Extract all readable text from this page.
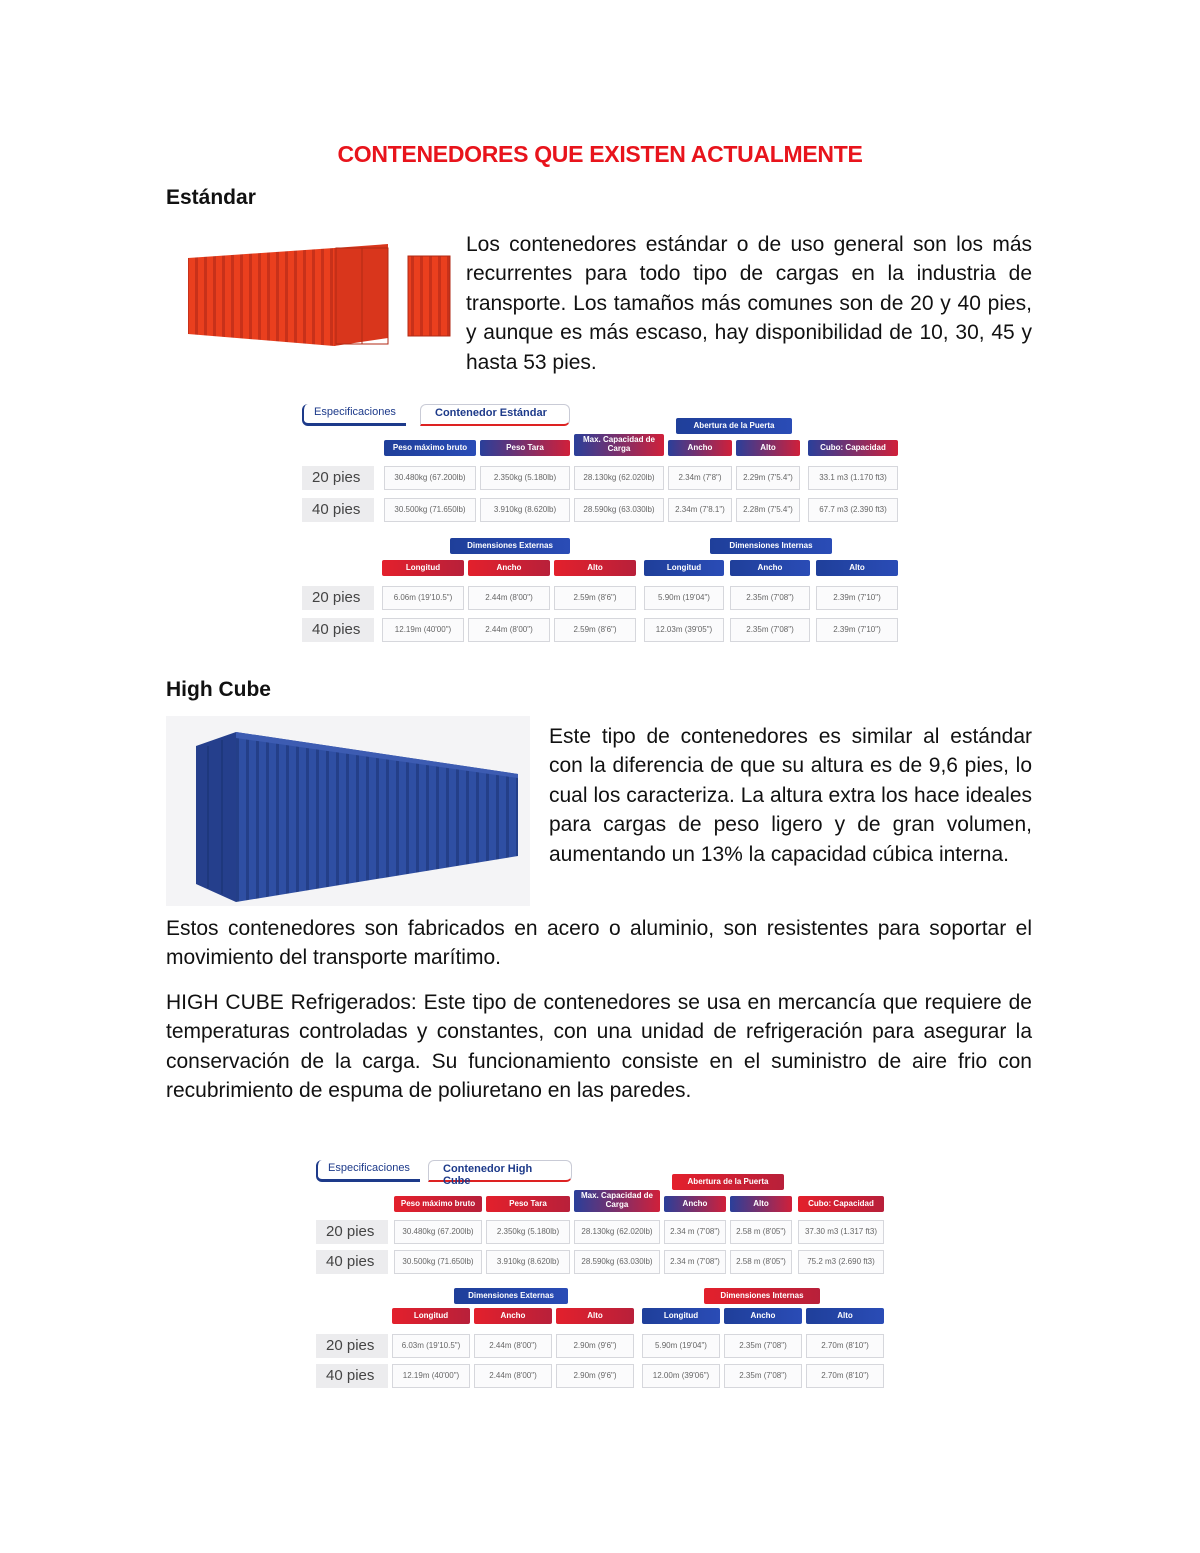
CONTENEDORES QUE EXISTEN ACTUALMENTE
Estándar
Los contenedores estándar o de uso general son los más recurrentes para todo tipo de cargas en la industria de transporte. Los tamaños más comunes son de 20 y 40 pies, y aunque es más escaso, hay disponibilidad de 10, 30, 45 y hasta 53 pies.
Especificaciones	Contenedor Estándar
Abertura de la Puerta
Peso máximo bruto	Peso Tara
Max. Capacidad de Carga	Ancho	Alto	Cubo: Capacidad
20 pies	30.480kg (67.200lb)	2.350kg (5.180lb)	28.130kg (62.020lb)	2.34m (7'8")	2.29m (7'5.4")	33.1 m3 (1.170 ft3)
40 pies	30.500kg (71.650lb)	3.910kg (8.620lb)	28.590kg (63.030lb)	2.34m (7'8.1")	2.28m (7'5.4")	67.7 m3 (2.390 ft3)
Dimensiones Externas	Dimensiones Internas
Longitud	Ancho	Alto	Longitud	Ancho	Alto
20 pies	6.06m (19'10.5")	2.44m (8'00")	2.59m (8'6")	5.90m (19'04")	2.35m (7'08")	2.39m (7'10")
40 pies	12.19m (40'00")	2.44m (8'00")	2.59m (8'6")	12.03m (39'05")	2.35m (7'08")	2.39m (7'10")
High Cube
Este tipo de contenedores es similar al estándar con la diferencia de que su altura es de 9,6 pies, lo cual los caracteriza. La altura extra los hace ideales para cargas de peso ligero y de gran volumen, aumentando un 13% la capacidad cúbica interna.
Estos contenedores son fabricados en acero o aluminio, son resistentes para soportar el movimiento del transporte marítimo.
HIGH CUBE Refrigerados: Este tipo de contenedores se usa en mercancía que requiere de temperaturas controladas y constantes, con una unidad de refrigeración para asegurar la conservación de la carga. Su funcionamiento consiste en el suministro de aire frio con recubrimiento de espuma de poliuretano en las paredes.
Especificaciones	Contenedor High Cube	Abertura de la Puerta
Peso máximo bruto	Peso Tara
Max. Capacidad de Carga	Ancho	Alto	Cubo: Capacidad
20 pies	30.480kg (67.200lb)	2.350kg (5.180lb)	28.130kg (62.020lb)	2.34 m (7'08")	2.58 m (8'05")	37.30 m3 (1.317 ft3)
40 pies	30.500kg (71.650lb)	3.910kg (8.620lb)	28.590kg (63.030lb)	2.34 m (7'08")	2.58 m (8'05")	75.2 m3 (2.690 ft3)
Dimensiones Externas	Dimensiones Internas
Longitud	Ancho	Alto	Longitud	Ancho	Alto
20 pies	6.03m (19'10.5")	2.44m (8'00")	2.90m (9'6")	5.90m (19'04")	2.35m (7'08")	2.70m (8'10")
40 pies	12.19m (40'00")	2.44m (8'00")	2.90m (9'6")	12.00m (39'06")	2.35m (7'08")	2.70m (8'10")
